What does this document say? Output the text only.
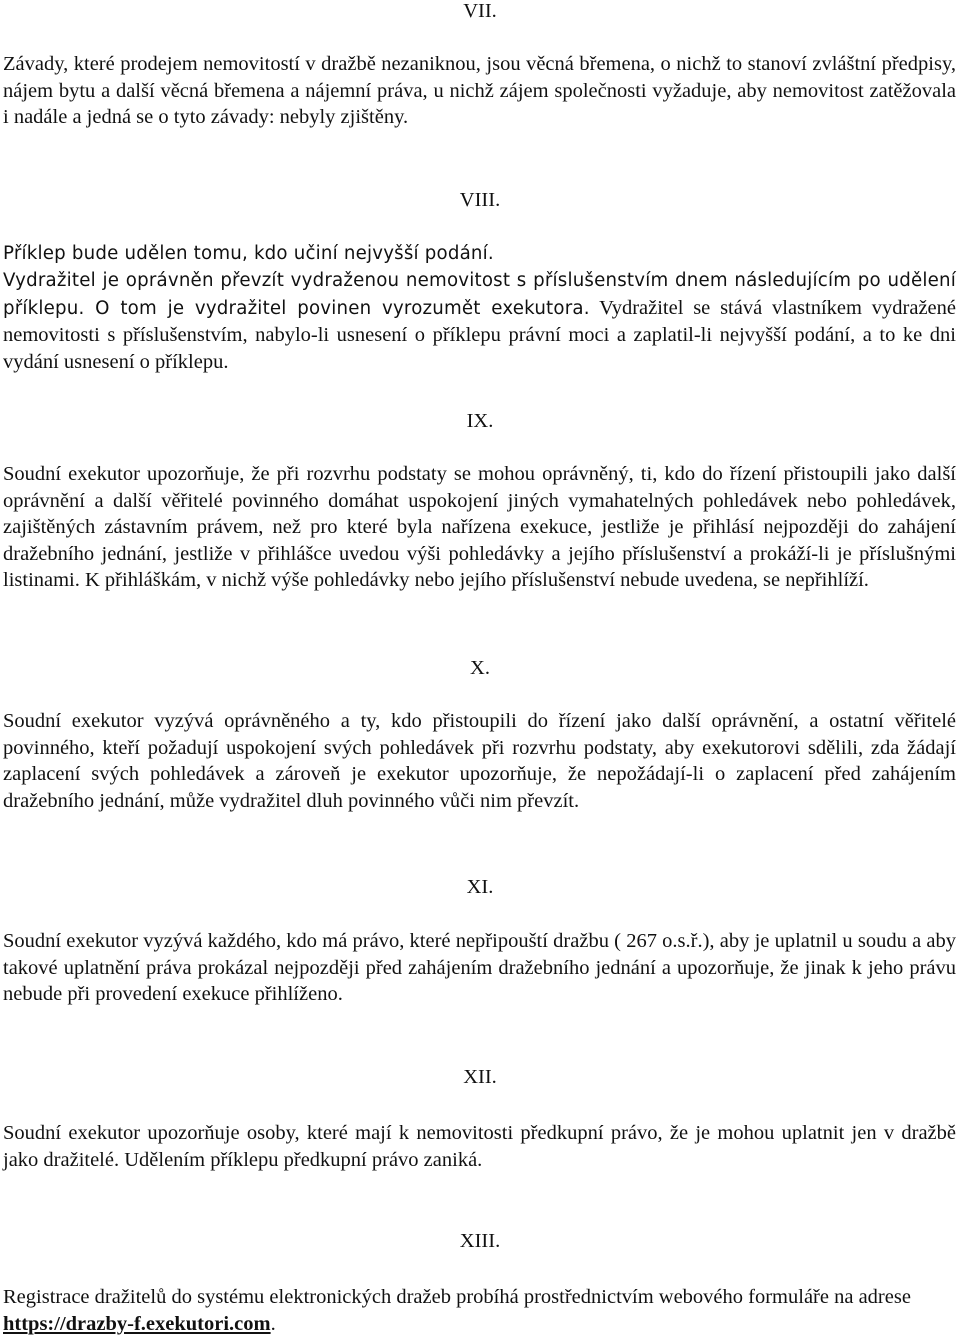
VII.

Závady, které prodejem nemovitostí v dražbě nezaniknou, jsou věcná břemena, o nichž to stanoví zvláštní předpisy, nájem bytu a další věcná břemena a nájemní práva, u nichž zájem společnosti vyžaduje, aby nemovitost zatěžovala i nadále a jedná se o tyto závady: nebyly zjištěny.

VIII.

Příklep bude udělen tomu, kdo učiní nejvyšší podání.

Vydražitel je oprávněn převzít vydraženou nemovitost s příslušenstvím dnem následujícím po udělení příklepu. O tom je vydražitel povinen vyrozumět exekutora. Vydražitel se stává vlastníkem vydražené nemovitosti s příslušenstvím, nabylo-li usnesení o příklepu právní moci a zaplatil-li nejvyšší podání, a to ke dni vydání usnesení o příklepu.

IX.

Soudní exekutor upozorňuje, že při rozvrhu podstaty se mohou oprávněný, ti, kdo do řízení přistoupili jako další oprávnění a další věřitelé povinného domáhat uspokojení jiných vymahatelných pohledávek nebo pohledávek, zajištěných zástavním právem, než pro které byla nařízena exekuce, jestliže je přihlásí nejpozději do zahájení dražebního jednání, jestliže v přihlášce uvedou výši pohledávky a jejího příslušenství a prokáží-li je příslušnými listinami. K přihláškám, v nichž výše pohledávky nebo jejího příslušenství nebude uvedena, se nepřihlíží.

X.

Soudní exekutor vyzývá oprávněného a ty, kdo přistoupili do řízení jako další oprávnění, a ostatní věřitelé povinného, kteří požadují uspokojení svých pohledávek při rozvrhu podstaty, aby exekutorovi sdělili, zda žádají zaplacení svých pohledávek a zároveň je exekutor upozorňuje, že nepožádají-li o zaplacení před zahájením dražebního jednání, může vydražitel dluh povinného vůči nim převzít.

XI.

Soudní exekutor vyzývá každého, kdo má právo, které nepřipouští dražbu ( 267 o.s.ř.), aby je uplatnil u soudu a aby takové uplatnění práva prokázal nejpozději před zahájením dražebního jednání a upozorňuje, že jinak k jeho právu nebude při provedení exekuce přihlíženo.

XII.

Soudní exekutor upozorňuje osoby, které mají k nemovitosti předkupní právo, že je mohou uplatnit jen v dražbě jako dražitelé. Udělením příklepu předkupní právo zaniká.

XIII.

Registrace dražitelů do systému elektronických dražeb probíhá prostřednictvím webového formuláře na adrese https://drazby-f.exekutori.com.
